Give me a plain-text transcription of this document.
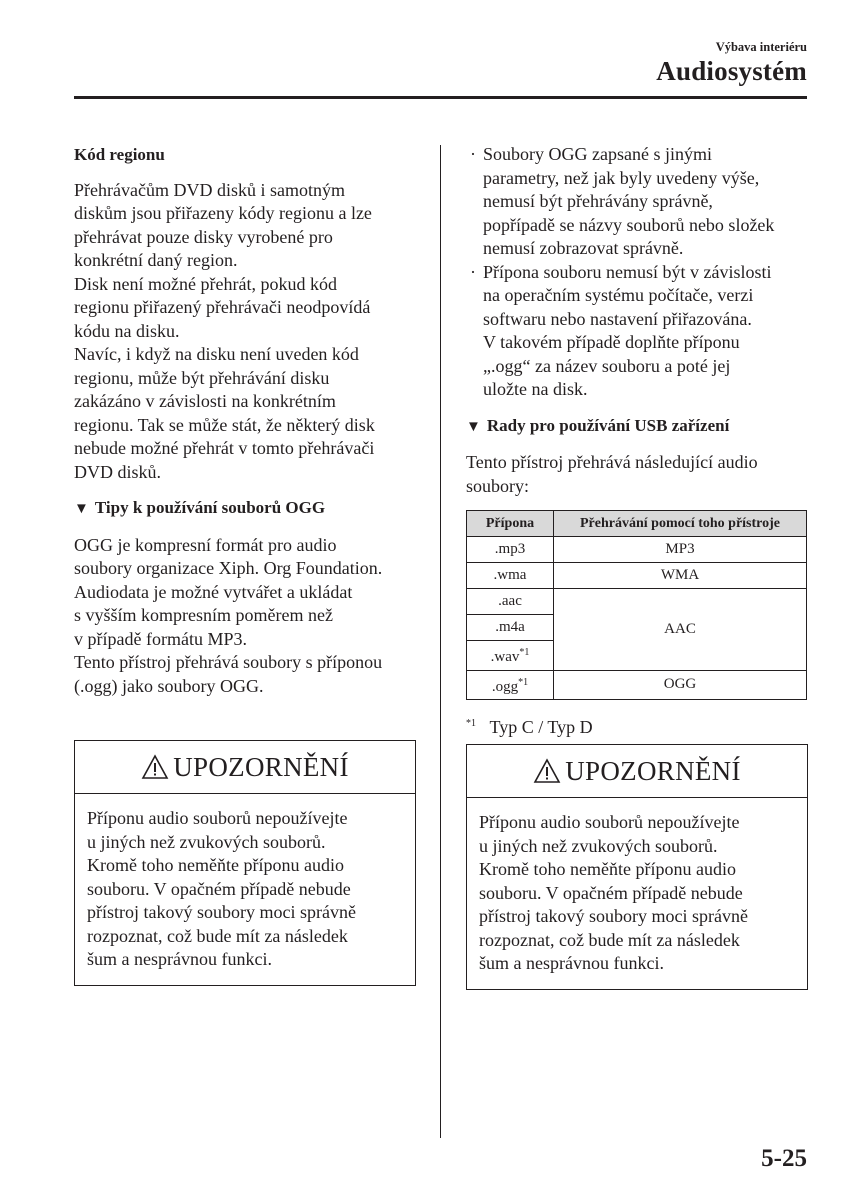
Výbava interiéru
Audiosystém

Kód regionu

Přehrávačům DVD disků i samotným
diskům jsou přiřazeny kódy regionu a lze
přehrávat pouze disky vyrobené pro
konkrétní daný region.
Disk není možné přehrát, pokud kód
regionu přiřazený přehrávači neodpovídá
kódu na disku.
Navíc, i když na disku není uveden kód
regionu, může být přehrávání disku
zakázáno v závislosti na konkrétním
regionu. Tak se může stát, že některý disk
nebude možné přehrát v tomto přehrávači
DVD disků.

▼ Tipy k používání souborů OGG

OGG je kompresní formát pro audio
soubory organizace Xiph. Org Foundation.
Audiodata je možné vytvářet a ukládat
s vyšším kompresním poměrem než
v případě formátu MP3.
Tento přístroj přehrává soubory s příponou
(.ogg) jako soubory OGG.

UPOZORNĚNÍ
Příponu audio souborů nepoužívejte
u jiných než zvukových souborů.
Kromě toho neměňte příponu audio
souboru. V opačném případě nebude
přístroj takový soubory moci správně
rozpoznat, což bude mít za následek
šum a nesprávnou funkci.
· Soubory OGG zapsané s jinými
parametry, než jak byly uvedeny výše,
nemusí být přehrávány správně,
popřípadě se názvy souborů nebo složek
nemusí zobrazovat správně.
· Přípona souboru nemusí být v závislosti
na operačním systému počítače, verzi
softwaru nebo nastavení přiřazována.
V takovém případě doplňte příponu
„.ogg“ za název souboru a poté jej
uložte na disk.

▼ Rady pro používání USB zařízení

Tento přístroj přehrává následující audio
soubory:

Přípona	Přehrávání pomocí toho přístroje
.mp3	MP3
.wma	WMA
.aac	AAC
.m4a	
.wav$^{*1}$
.ogg$^{*1}$	OGG
$^{*1}$ Typ C / Typ D
UPOZORNĚNÍ
Příponu audio souborů nepoužívejte
u jiných než zvukových souborů.
Kromě toho neměňte příponu audio
souboru. V opačném případě nebude
přístroj takový soubory moci správně
rozpoznat, což bude mít za následek
šum a nesprávnou funkci.
5-25
